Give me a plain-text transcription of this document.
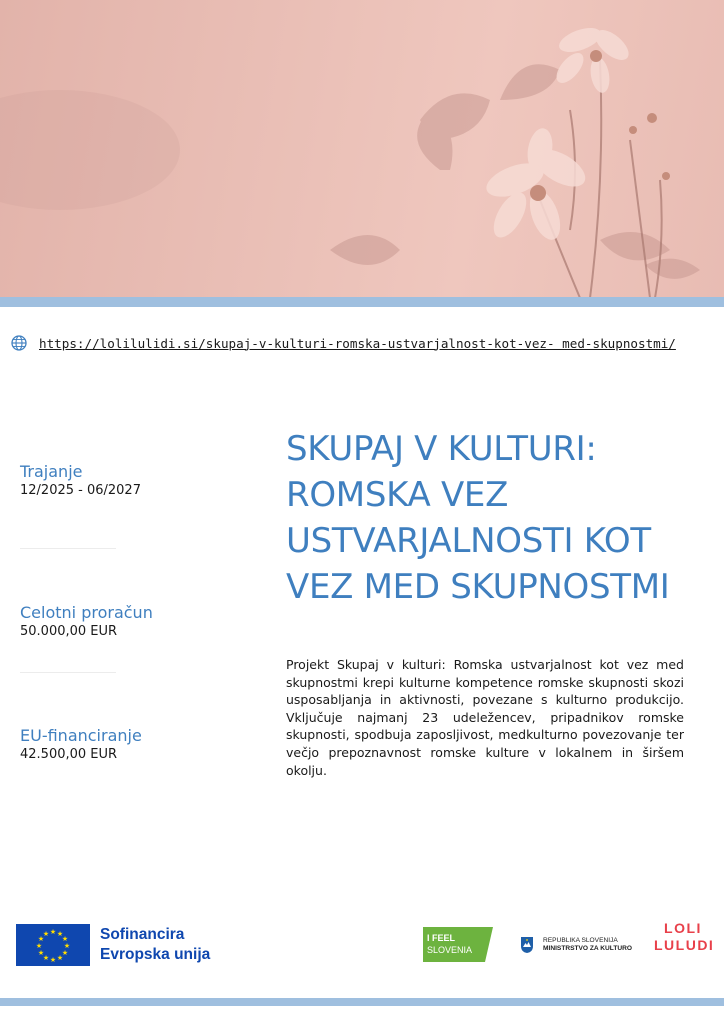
https://lolilulidi.si/skupaj-v-kulturi-romska-ustvarjalnost-kot-vez- med-skupnostmi/
Trajanje
12/2025 - 06/2027
Celotni proračun
50.000,00 EUR
EU-financiranje
42.500,00 EUR
SKUPAJ V KULTURI:
ROMSKA VEZ
USTVARJALNOSTI KOT
VEZ MED SKUPNOSTMI

Projekt Skupaj v kulturi: Romska ustvarjalnost kot vez med skupnostmi krepi kulturne kompetence romske skupnosti skozi usposabljanja in aktivnosti, povezane s kulturno produkcijo. Vključuje najmanj 23 udeležencev, pripadnikov romske skupnosti, spodbuja zaposljivost, medkulturno povezovanje ter večjo prepoznavnost romske kulture v lokalnem in širšem okolju.

★ ★
★
★
★
★
★
★
★
★
★
★	Sofinancira
Evropska unija
I FEEL
SLOVENIA
REPUBLIKA SLOVENIJA
MINISTRSTVO ZA KULTURO
LOLI
LULUDI
